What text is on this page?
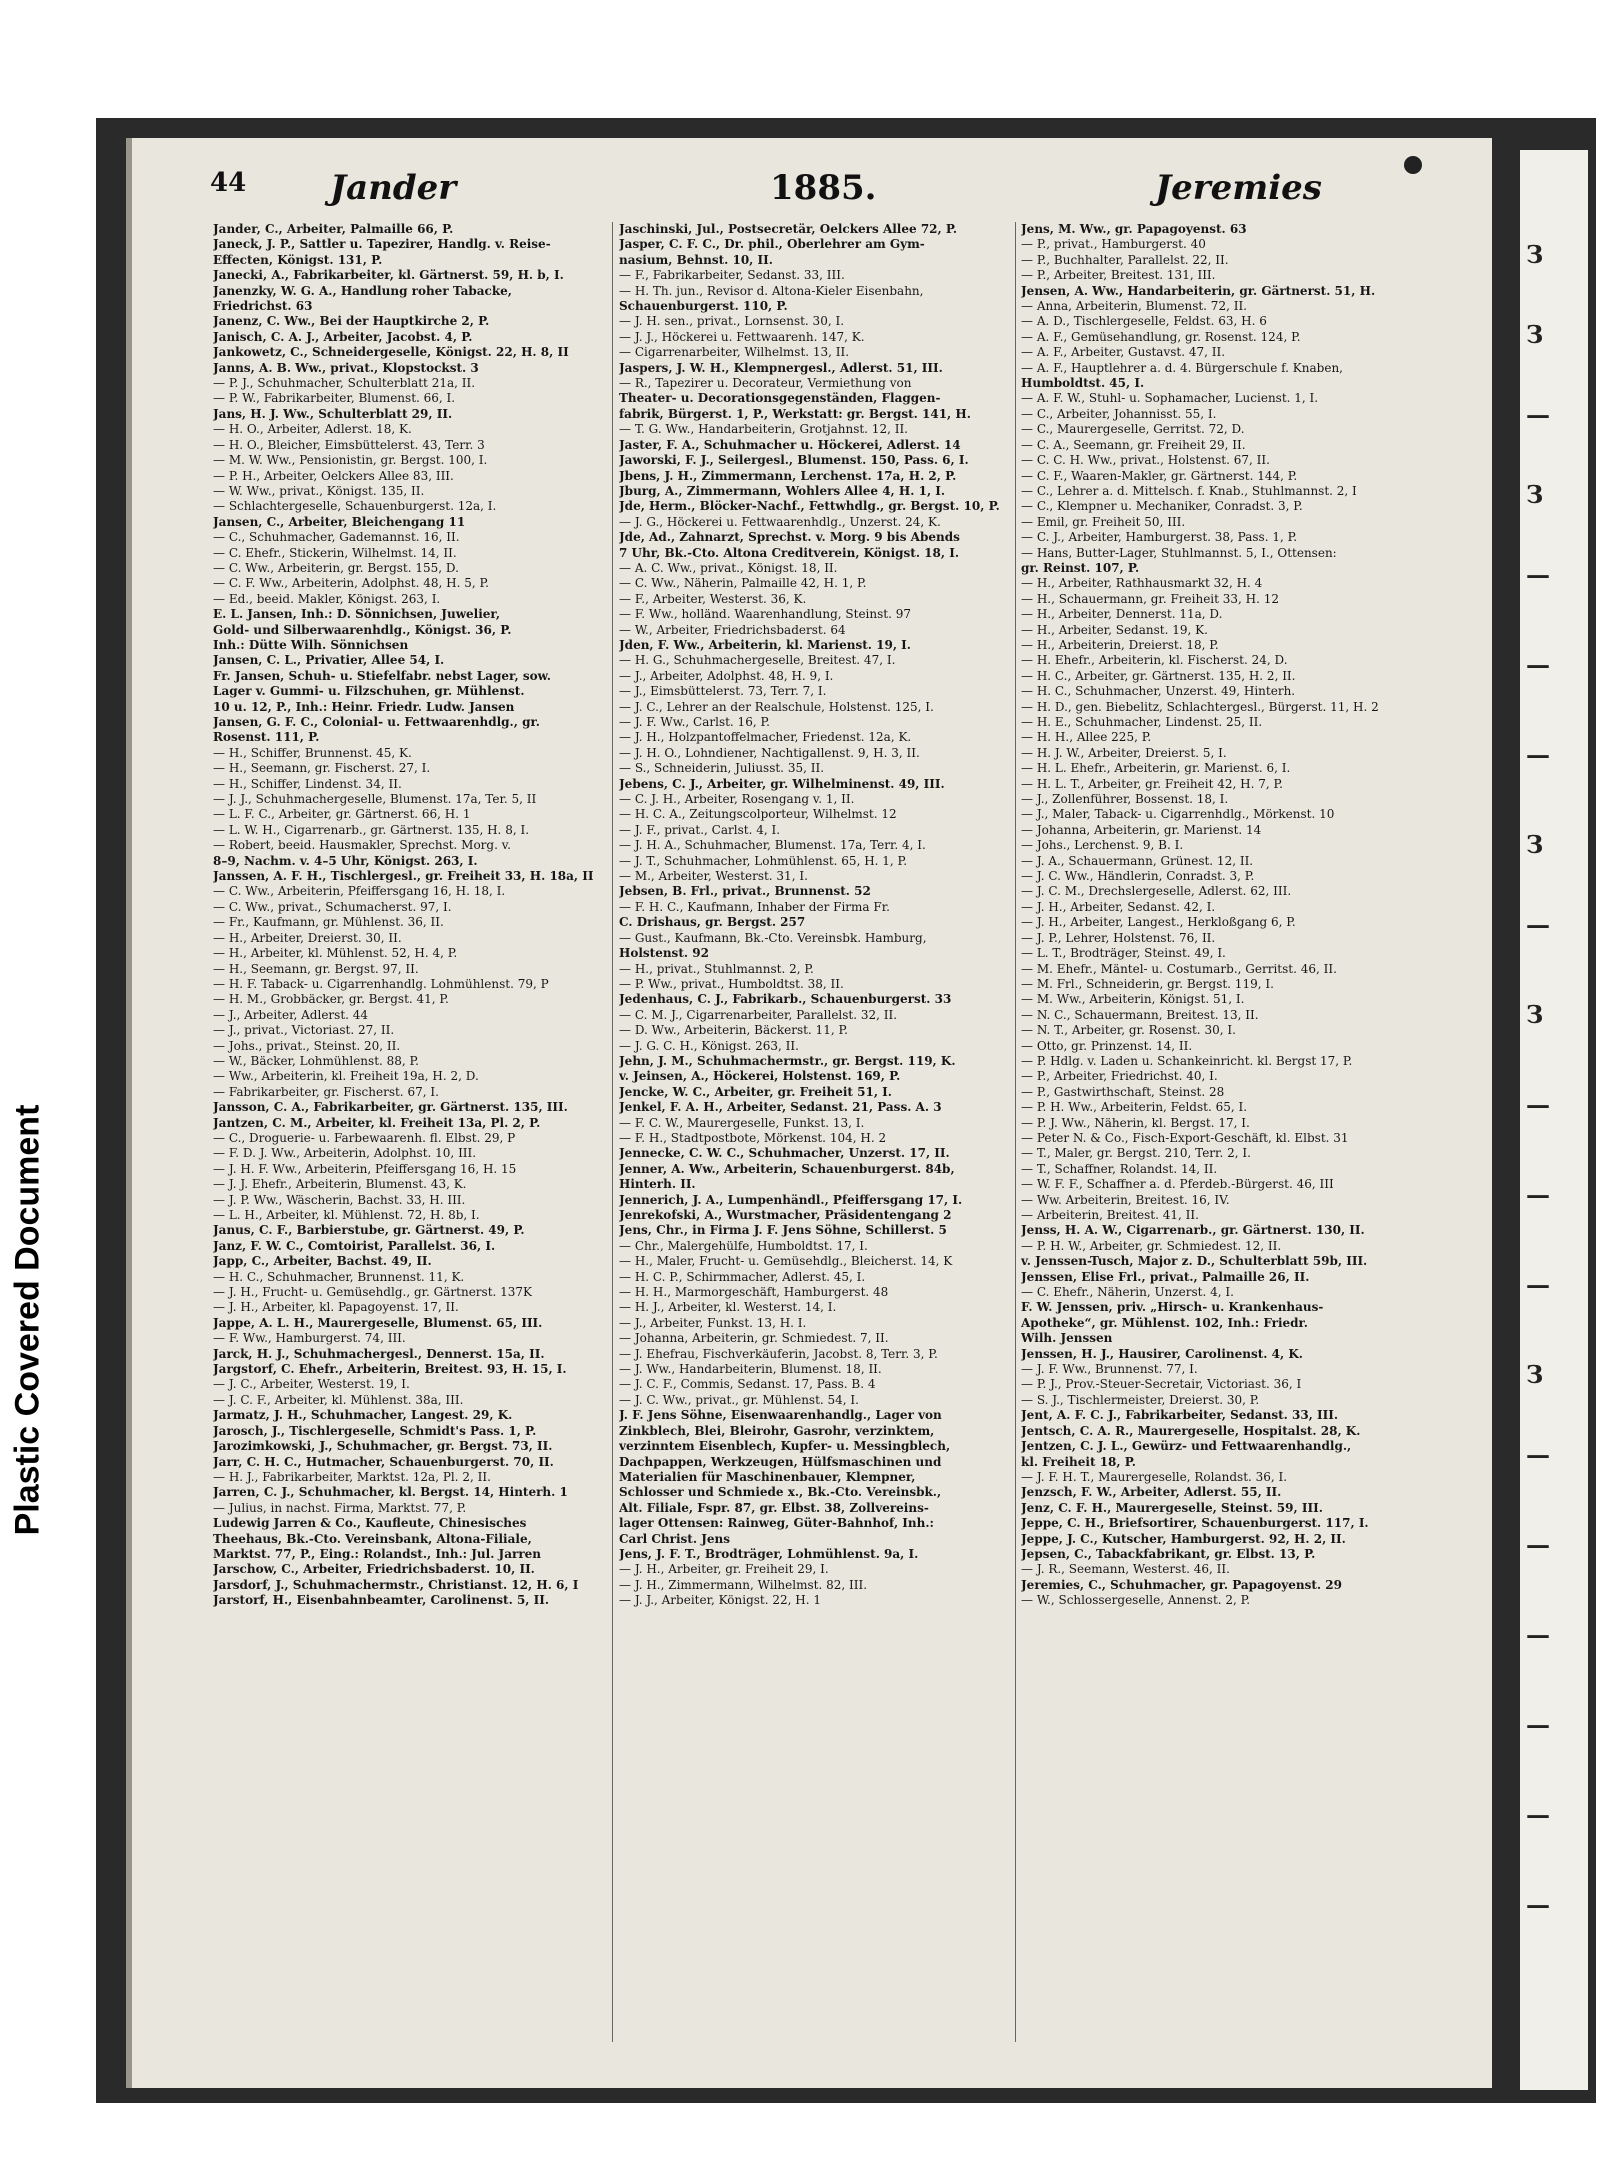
Plastic Covered Document
З
З
—
З
—
—
—
З
—
З
—
—
—
З
—
—
—
—
—
—
44 Jander	1885.	Jeremies
Jander, C., Arbeiter, Palmaille 66, P.
Janeck, J. P., Sattler u. Tapezirer, Handlg. v. Reise-
Effecten, Königst. 131, P.
Janecki, A., Fabrikarbeiter, kl. Gärtnerst. 59, H. b, I.
Janenzky, W. G. A., Handlung roher Tabacke,
Friedrichst. 63
Janenz, C. Ww., Bei der Hauptkirche 2, P.
Janisch, C. A. J., Arbeiter, Jacobst. 4, P.
Jankowetz, C., Schneidergeselle, Königst. 22, H. 8, II
Janns, A. B. Ww., privat., Klopstockst. 3
— P. J., Schuhmacher, Schulterblatt 21a, II.
— P. W., Fabrikarbeiter, Blumenst. 66, I.
Jans, H. J. Ww., Schulterblatt 29, II.
— H. O., Arbeiter, Adlerst. 18, K.
— H. O., Bleicher, Eimsbüttelerst. 43, Terr. 3
— M. W. Ww., Pensionistin, gr. Bergst. 100, I.
— P. H., Arbeiter, Oelckers Allee 83, III.
— W. Ww., privat., Königst. 135, II.
— Schlachtergeselle, Schauenburgerst. 12a, I.
Jansen, C., Arbeiter, Bleichengang 11
— C., Schuhmacher, Gademannst. 16, II.
— C. Ehefr., Stickerin, Wilhelmst. 14, II.
— C. Ww., Arbeiterin, gr. Bergst. 155, D.
— C. F. Ww., Arbeiterin, Adolphst. 48, H. 5, P.
— Ed., beeid. Makler, Königst. 263, I.
E. L. Jansen, Inh.: D. Sönnichsen, Juwelier,
Gold- und Silberwaarenhdlg., Königst. 36, P.
Inh.: Dütte Wilh. Sönnichsen
Jansen, C. L., Privatier, Allee 54, I.
Fr. Jansen, Schuh- u. Stiefelfabr. nebst Lager, sow.
Lager v. Gummi- u. Filzschuhen, gr. Mühlenst.
10 u. 12, P., Inh.: Heinr. Friedr. Ludw. Jansen
Jansen, G. F. C., Colonial- u. Fettwaarenhdlg., gr.
Rosenst. 111, P.
— H., Schiffer, Brunnenst. 45, K.
— H., Seemann, gr. Fischerst. 27, I.
— H., Schiffer, Lindenst. 34, II.
— J. J., Schuhmachergeselle, Blumenst. 17a, Ter. 5, II
— L. F. C., Arbeiter, gr. Gärtnerst. 66, H. 1
— L. W. H., Cigarrenarb., gr. Gärtnerst. 135, H. 8, I.
— Robert, beeid. Hausmakler, Sprechst. Morg. v.
8–9, Nachm. v. 4–5 Uhr, Königst. 263, I.
Janssen, A. F. H., Tischlergesl., gr. Freiheit 33, H. 18a, II
— C. Ww., Arbeiterin, Pfeiffersgang 16, H. 18, I.
— C. Ww., privat., Schumacherst. 97, I.
— Fr., Kaufmann, gr. Mühlenst. 36, II.
— H., Arbeiter, Dreierst. 30, II.
— H., Arbeiter, kl. Mühlenst. 52, H. 4, P.
— H., Seemann, gr. Bergst. 97, II.
— H. F. Taback- u. Cigarrenhandlg. Lohmühlenst. 79, P
— H. M., Grobbäcker, gr. Bergst. 41, P.
— J., Arbeiter, Adlerst. 44
— J., privat., Victoriast. 27, II.
— Johs., privat., Steinst. 20, II.
— W., Bäcker, Lohmühlenst. 88, P.
— Ww., Arbeiterin, kl. Freiheit 19a, H. 2, D.
— Fabrikarbeiter, gr. Fischerst. 67, I.
Jansson, C. A., Fabrikarbeiter, gr. Gärtnerst. 135, III.
Jantzen, C. M., Arbeiter, kl. Freiheit 13a, Pl. 2, P.
— C., Droguerie- u. Farbewaarenh. fl. Elbst. 29, P
— F. D. J. Ww., Arbeiterin, Adolphst. 10, III.
— J. H. F. Ww., Arbeiterin, Pfeiffersgang 16, H. 15
— J. J. Ehefr., Arbeiterin, Blumenst. 43, K.
— J. P. Ww., Wäscherin, Bachst. 33, H. III.
— L. H., Arbeiter, kl. Mühlenst. 72, H. 8b, I.
Janus, C. F., Barbierstube, gr. Gärtnerst. 49, P.
Janz, F. W. C., Comtoirist, Parallelst. 36, I.
Japp, C., Arbeiter, Bachst. 49, II.
— H. C., Schuhmacher, Brunnenst. 11, K.
— J. H., Frucht- u. Gemüsehdlg., gr. Gärtnerst. 137K
— J. H., Arbeiter, kl. Papagoyenst. 17, II.
Jappe, A. L. H., Maurergeselle, Blumenst. 65, III.
— F. Ww., Hamburgerst. 74, III.
Jarck, H. J., Schuhmachergesl., Dennerst. 15a, II.
Jargstorf, C. Ehefr., Arbeiterin, Breitest. 93, H. 15, I.
— J. C., Arbeiter, Westerst. 19, I.
— J. C. F., Arbeiter, kl. Mühlenst. 38a, III.
Jarmatz, J. H., Schuhmacher, Langest. 29, K.
Jarosch, J., Tischlergeselle, Schmidt's Pass. 1, P.
Jarozimkowski, J., Schuhmacher, gr. Bergst. 73, II.
Jarr, C. H. C., Hutmacher, Schauenburgerst. 70, II.
— H. J., Fabrikarbeiter, Marktst. 12a, Pl. 2, II.
Jarren, C. J., Schuhmacher, kl. Bergst. 14, Hinterh. 1
— Julius, in nachst. Firma, Marktst. 77, P.
Ludewig Jarren & Co., Kaufleute, Chinesisches
Theehaus, Bk.-Cto. Vereinsbank, Altona-Filiale,
Marktst. 77, P., Eing.: Rolandst., Inh.: Jul. Jarren
Jarschow, C., Arbeiter, Friedrichsbaderst. 10, II.
Jarsdorf, J., Schuhmachermstr., Christianst. 12, H. 6, I
Jarstorf, H., Eisenbahnbeamter, Carolinenst. 5, II.
Jaschinski, Jul., Postsecretär, Oelckers Allee 72, P.
Jasper, C. F. C., Dr. phil., Oberlehrer am Gym-
nasium, Behnst. 10, II.
— F., Fabrikarbeiter, Sedanst. 33, III.
— H. Th. jun., Revisor d. Altona-Kieler Eisenbahn,
Schauenburgerst. 110, P.
— J. H. sen., privat., Lornsenst. 30, I.
— J. J., Höckerei u. Fettwaarenh. 147, K.
— Cigarrenarbeiter, Wilhelmst. 13, II.
Jaspers, J. W. H., Klempnergesl., Adlerst. 51, III.
— R., Tapezirer u. Decorateur, Vermiethung von
Theater- u. Decorationsgegenständen, Flaggen-
fabrik, Bürgerst. 1, P., Werkstatt: gr. Bergst. 141, H.
— T. G. Ww., Handarbeiterin, Grotjahnst. 12, II.
Jaster, F. A., Schuhmacher u. Höckerei, Adlerst. 14
Jaworski, F. J., Seilergesl., Blumenst. 150, Pass. 6, I.
Jbens, J. H., Zimmermann, Lerchenst. 17a, H. 2, P.
Jburg, A., Zimmermann, Wohlers Allee 4, H. 1, I.
Jde, Herm., Blöcker-Nachf., Fettwhdlg., gr. Bergst. 10, P.
— J. G., Höckerei u. Fettwaarenhdlg., Unzerst. 24, K.
Jde, Ad., Zahnarzt, Sprechst. v. Morg. 9 bis Abends
7 Uhr, Bk.-Cto. Altona Creditverein, Königst. 18, I.
— A. C. Ww., privat., Königst. 18, II.
— C. Ww., Näherin, Palmaille 42, H. 1, P.
— F., Arbeiter, Westerst. 36, K.
— F. Ww., holländ. Waarenhandlung, Steinst. 97
— W., Arbeiter, Friedrichsbaderst. 64
Jden, F. Ww., Arbeiterin, kl. Marienst. 19, I.
— H. G., Schuhmachergeselle, Breitest. 47, I.
— J., Arbeiter, Adolphst. 48, H. 9, I.
— J., Eimsbüttelerst. 73, Terr. 7, I.
— J. C., Lehrer an der Realschule, Holstenst. 125, I.
— J. F. Ww., Carlst. 16, P.
— J. H., Holzpantoffelmacher, Friedenst. 12a, K.
— J. H. O., Lohndiener, Nachtigallenst. 9, H. 3, II.
— S., Schneiderin, Juliusst. 35, II.
Jebens, C. J., Arbeiter, gr. Wilhelminenst. 49, III.
— C. J. H., Arbeiter, Rosengang v. 1, II.
— H. C. A., Zeitungscolporteur, Wilhelmst. 12
— J. F., privat., Carlst. 4, I.
— J. H. A., Schuhmacher, Blumenst. 17a, Terr. 4, I.
— J. T., Schuhmacher, Lohmühlenst. 65, H. 1, P.
— M., Arbeiter, Westerst. 31, I.
Jebsen, B. Frl., privat., Brunnenst. 52
— F. H. C., Kaufmann, Inhaber der Firma Fr.
C. Drishaus, gr. Bergst. 257
— Gust., Kaufmann, Bk.-Cto. Vereinsbk. Hamburg,
Holstenst. 92
— H., privat., Stuhlmannst. 2, P.
— P. Ww., privat., Humboldtst. 38, II.
Jedenhaus, C. J., Fabrikarb., Schauenburgerst. 33
— C. M. J., Cigarrenarbeiter, Parallelst. 32, II.
— D. Ww., Arbeiterin, Bäckerst. 11, P.
— J. G. C. H., Königst. 263, II.
Jehn, J. M., Schuhmachermstr., gr. Bergst. 119, K.
v. Jeinsen, A., Höckerei, Holstenst. 169, P.
Jencke, W. C., Arbeiter, gr. Freiheit 51, I.
Jenkel, F. A. H., Arbeiter, Sedanst. 21, Pass. A. 3
— F. C. W., Maurergeselle, Funkst. 13, I.
— F. H., Stadtpostbote, Mörkenst. 104, H. 2
Jennecke, C. W. C., Schuhmacher, Unzerst. 17, II.
Jenner, A. Ww., Arbeiterin, Schauenburgerst. 84b,
Hinterh. II.
Jennerich, J. A., Lumpenhändl., Pfeiffersgang 17, I.
Jenrekofski, A., Wurstmacher, Präsidentengang 2
Jens, Chr., in Firma J. F. Jens Söhne, Schillerst. 5
— Chr., Malergehülfe, Humboldtst. 17, I.
— H., Maler, Frucht- u. Gemüsehdlg., Bleicherst. 14, K
— H. C. P., Schirmmacher, Adlerst. 45, I.
— H. H., Marmorgeschäft, Hamburgerst. 48
— H. J., Arbeiter, kl. Westerst. 14, I.
— J., Arbeiter, Funkst. 13, H. I.
— Johanna, Arbeiterin, gr. Schmiedest. 7, II.
— J. Ehefrau, Fischverkäuferin, Jacobst. 8, Terr. 3, P.
— J. Ww., Handarbeiterin, Blumenst. 18, II.
— J. C. F., Commis, Sedanst. 17, Pass. B. 4
— J. C. Ww., privat., gr. Mühlenst. 54, I.
J. F. Jens Söhne, Eisenwaarenhandlg., Lager von
Zinkblech, Blei, Bleirohr, Gasrohr, verzinktem,
verzinntem Eisenblech, Kupfer- u. Messingblech,
Dachpappen, Werkzeugen, Hülfsmaschinen und
Materialien für Maschinenbauer, Klempner,
Schlosser und Schmiede x., Bk.-Cto. Vereinsbk.,
Alt. Filiale, Fspr. 87, gr. Elbst. 38, Zollvereins-
lager Ottensen: Rainweg, Güter-Bahnhof, Inh.:
Carl Christ. Jens
Jens, J. F. T., Brodträger, Lohmühlenst. 9a, I.
— J. H., Arbeiter, gr. Freiheit 29, I.
— J. H., Zimmermann, Wilhelmst. 82, III.
— J. J., Arbeiter, Königst. 22, H. 1
Jens, M. Ww., gr. Papagoyenst. 63
— P., privat., Hamburgerst. 40
— P., Buchhalter, Parallelst. 22, II.
— P., Arbeiter, Breitest. 131, III.
Jensen, A. Ww., Handarbeiterin, gr. Gärtnerst. 51, H.
— Anna, Arbeiterin, Blumenst. 72, II.
— A. D., Tischlergeselle, Feldst. 63, H. 6
— A. F., Gemüsehandlung, gr. Rosenst. 124, P.
— A. F., Arbeiter, Gustavst. 47, II.
— A. F., Hauptlehrer a. d. 4. Bürgerschule f. Knaben,
Humboldtst. 45, I.
— A. F. W., Stuhl- u. Sophamacher, Lucienst. 1, I.
— C., Arbeiter, Johannisst. 55, I.
— C., Maurergeselle, Gerritst. 72, D.
— C. A., Seemann, gr. Freiheit 29, II.
— C. C. H. Ww., privat., Holstenst. 67, II.
— C. F., Waaren-Makler, gr. Gärtnerst. 144, P.
— C., Lehrer a. d. Mittelsch. f. Knab., Stuhlmannst. 2, I
— C., Klempner u. Mechaniker, Conradst. 3, P.
— Emil, gr. Freiheit 50, III.
— C. J., Arbeiter, Hamburgerst. 38, Pass. 1, P.
— Hans, Butter-Lager, Stuhlmannst. 5, I., Ottensen:
gr. Reinst. 107, P.
— H., Arbeiter, Rathhausmarkt 32, H. 4
— H., Schauermann, gr. Freiheit 33, H. 12
— H., Arbeiter, Dennerst. 11a, D.
— H., Arbeiter, Sedanst. 19, K.
— H., Arbeiterin, Dreierst. 18, P.
— H. Ehefr., Arbeiterin, kl. Fischerst. 24, D.
— H. C., Arbeiter, gr. Gärtnerst. 135, H. 2, II.
— H. C., Schuhmacher, Unzerst. 49, Hinterh.
— H. D., gen. Biebelitz, Schlachtergesl., Bürgerst. 11, H. 2
— H. E., Schuhmacher, Lindenst. 25, II.
— H. H., Allee 225, P.
— H. J. W., Arbeiter, Dreierst. 5, I.
— H. L. Ehefr., Arbeiterin, gr. Marienst. 6, I.
— H. L. T., Arbeiter, gr. Freiheit 42, H. 7, P.
— J., Zollenführer, Bossenst. 18, I.
— J., Maler, Taback- u. Cigarrenhdlg., Mörkenst. 10
— Johanna, Arbeiterin, gr. Marienst. 14
— Johs., Lerchenst. 9, B. I.
— J. A., Schauermann, Grünest. 12, II.
— J. C. Ww., Händlerin, Conradst. 3, P.
— J. C. M., Drechslergeselle, Adlerst. 62, III.
— J. H., Arbeiter, Sedanst. 42, I.
— J. H., Arbeiter, Langest., Herkloßgang 6, P.
— J. P., Lehrer, Holstenst. 76, II.
— L. T., Brodträger, Steinst. 49, I.
— M. Ehefr., Mäntel- u. Costumarb., Gerritst. 46, II.
— M. Frl., Schneiderin, gr. Bergst. 119, I.
— M. Ww., Arbeiterin, Königst. 51, I.
— N. C., Schauermann, Breitest. 13, II.
— N. T., Arbeiter, gr. Rosenst. 30, I.
— Otto, gr. Prinzenst. 14, II.
— P. Hdlg. v. Laden u. Schankeinricht. kl. Bergst 17, P.
— P., Arbeiter, Friedrichst. 40, I.
— P., Gastwirthschaft, Steinst. 28
— P. H. Ww., Arbeiterin, Feldst. 65, I.
— P. J. Ww., Näherin, kl. Bergst. 17, I.
— Peter N. & Co., Fisch-Export-Geschäft, kl. Elbst. 31
— T., Maler, gr. Bergst. 210, Terr. 2, I.
— T., Schaffner, Rolandst. 14, II.
— W. F. F., Schaffner a. d. Pferdeb.-Bürgerst. 46, III
— Ww. Arbeiterin, Breitest. 16, IV.
— Arbeiterin, Breitest. 41, II.
Jenss, H. A. W., Cigarrenarb., gr. Gärtnerst. 130, II.
— P. H. W., Arbeiter, gr. Schmiedest. 12, II.
v. Jenssen-Tusch, Major z. D., Schulterblatt 59b, III.
Jenssen, Elise Frl., privat., Palmaille 26, II.
— C. Ehefr., Näherin, Unzerst. 4, I.
F. W. Jenssen, priv. „Hirsch- u. Krankenhaus-
Apotheke“, gr. Mühlenst. 102, Inh.: Friedr.
Wilh. Jenssen
Jenssen, H. J., Hausirer, Carolinenst. 4, K.
— J. F. Ww., Brunnenst. 77, I.
— P. J., Prov.-Steuer-Secretair, Victoriast. 36, I
— S. J., Tischlermeister, Dreierst. 30, P.
Jent, A. F. C. J., Fabrikarbeiter, Sedanst. 33, III.
Jentsch, C. A. R., Maurergeselle, Hospitalst. 28, K.
Jentzen, C. J. L., Gewürz- und Fettwaarenhandlg.,
kl. Freiheit 18, P.
— J. F. H. T., Maurergeselle, Rolandst. 36, I.
Jenzsch, F. W., Arbeiter, Adlerst. 55, II.
Jenz, C. F. H., Maurergeselle, Steinst. 59, III.
Jeppe, C. H., Briefsortirer, Schauenburgerst. 117, I.
Jeppe, J. C., Kutscher, Hamburgerst. 92, H. 2, II.
Jepsen, C., Tabackfabrikant, gr. Elbst. 13, P.
— J. R., Seemann, Westerst. 46, II.
Jeremies, C., Schuhmacher, gr. Papagoyenst. 29
— W., Schlossergeselle, Annenst. 2, P.
